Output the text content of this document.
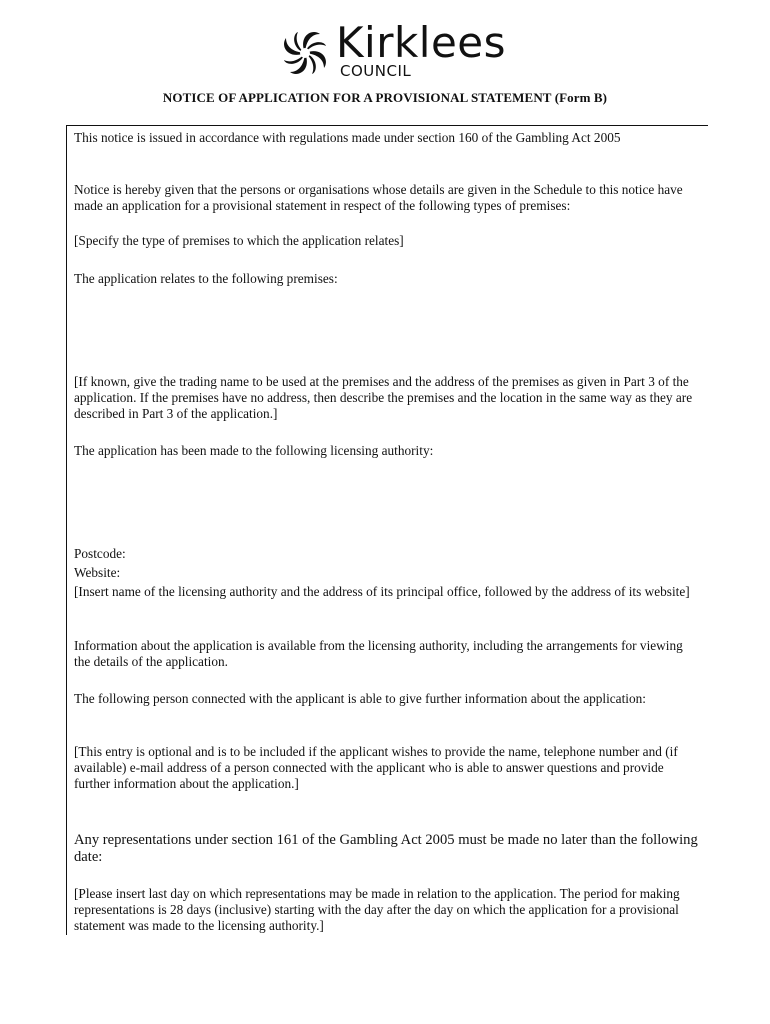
Kirklees
COUNCIL
NOTICE OF APPLICATION FOR A PROVISIONAL STATEMENT (Form B)

This notice is issued in accordance with regulations made under section 160 of the Gambling Act 2005

Notice is hereby given that the persons or organisations whose details are given in the Schedule to this notice have made an application for a provisional statement in respect of the following types of premises:

[Specify the type of premises to which the application relates]

The application relates to the following premises:

[If known, give the trading name to be used at the premises and the address of the premises as given in Part 3 of the application. If the premises have no address, then describe the premises and the location in the same way as they are described in Part 3 of the application.]

The application has been made to the following licensing authority:

Postcode:

Website:

[Insert name of the licensing authority and the address of its principal office, followed by the address of its website]

Information about the application is available from the licensing authority, including the arrangements for viewing the details of the application.

The following person connected with the applicant is able to give further information about the application:

[This entry is optional and is to be included if the applicant wishes to provide the name, telephone number and (if available) e-mail address of a person connected with the applicant who is able to answer questions and provide further information about the application.]

Any representations under section 161 of the Gambling Act 2005 must be made no later than the following date:

[Please insert last day on which representations may be made in relation to the application. The period for making representations is 28 days (inclusive) starting with the day after the day on which the application for a provisional statement was made to the licensing authority.]
